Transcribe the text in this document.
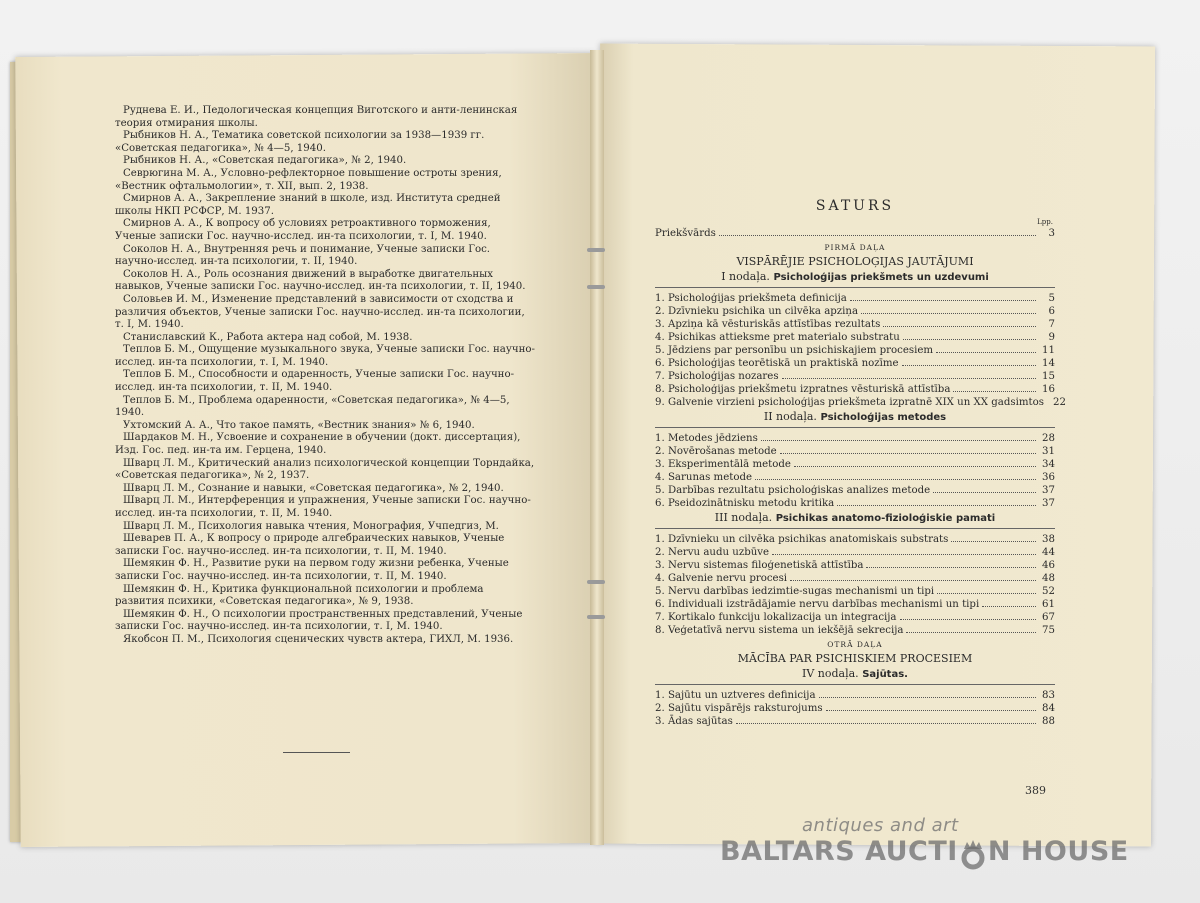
Руднева Е. И., Педологическая концепция Виготского и анти-ленинская теория отмирания школы.
Рыбников Н. А., Тематика советской психологии за 1938—1939 гг. «Советская педагогика», № 4—5, 1940.
Рыбников Н. А., «Советская педагогика», № 2, 1940.
Севрюгина М. А., Условно-рефлекторное повышение остроты зрения, «Вестник офтальмологии», т. XII, вып. 2, 1938.
Смирнов А. А., Закрепление знаний в школе, изд. Института средней школы НКП РСФСР, М. 1937.
Смирнов А. А., К вопросу об условиях ретроактивного торможения, Ученые записки Гос. научно-исслед. ин-та психологии, т. I, М. 1940.
Соколов Н. А., Внутренняя речь и понимание, Ученые записки Гос. научно-исслед. ин-та психологии, т. II, 1940.
Соколов Н. А., Роль осознания движений в выработке двигательных навыков, Ученые записки Гос. научно-исслед. ин-та психологии, т. II, 1940.
Соловьев И. М., Изменение представлений в зависимости от сходства и различия объектов, Ученые записки Гос. научно-исслед. ин-та психологии, т. I, М. 1940.
Станиславский К., Работа актера над собой, М. 1938.
Теплов Б. М., Ощущение музыкального звука, Ученые записки Гос. научно-исслед. ин-та психологии, т. I, М. 1940.
Теплов Б. М., Способности и одаренность, Ученые записки Гос. научно-исслед. ин-та психологии, т. II, М. 1940.
Теплов Б. М., Проблема одаренности, «Советская педагогика», № 4—5, 1940.
Ухтомский А. А., Что такое память, «Вестник знания» № 6, 1940.
Шардаков М. Н., Усвоение и сохранение в обучении (докт. диссертация), Изд. Гос. пед. ин-та им. Герцена, 1940.
Шварц Л. М., Критический анализ психологической концепции Торндайка, «Советская педагогика», № 2, 1937.
Шварц Л. М., Сознание и навыки, «Советская педагогика», № 2, 1940.
Шварц Л. М., Интерференция и упражнения, Ученые записки Гос. научно-исслед. ин-та психологии, т. II, М. 1940.
Шварц Л. М., Психология навыка чтения, Монография, Учпедгиз, М.
Шеварев П. А., К вопросу о природе алгебраических навыков, Ученые записки Гос. научно-исслед. ин-та психологии, т. II, М. 1940.
Шемякин Ф. Н., Развитие руки на первом году жизни ребенка, Ученые записки Гос. научно-исслед. ин-та психологии, т. II, М. 1940.
Шемякин Ф. Н., Критика функциональной психологии и проблема развития психики, «Советская педагогика», № 9, 1938.
Шемякин Ф. Н., О психологии пространственных представлений, Ученые записки Гос. научно-исслед. ин-та психологии, т. I, М. 1940.
Якобсон П. М., Психология сценических чувств актера, ГИХЛ, М. 1936.
SATURS
Lpp.
Priekšvārds	3
PIRMĀ DAĻA
VISPĀRĒJIE PSICHOLOĢIJAS JAUTĀJUMI
I nodaļa. Psicholoģijas priekšmets un uzdevumi
1. Psicholoģijas priekšmeta definicija	5
2. Dzīvnieku psichika un cilvēka apziņa	6
3. Apziņa kā vēsturiskās attīstības rezultats	7
4. Psichikas attieksme pret materialo substratu	9
5. Jēdziens par personību un psichiskajiem procesiem	11
6. Psicholoģijas teorētiskā un praktiskā nozīme	14
7. Psicholoģijas nozares	15
8. Psicholoģijas priekšmetu izpratnes vēsturiskā attīstība	16
9. Galvenie virzieni psicholoģijas priekšmeta izpratnē XIX un XX gadsimtos 22
II nodaļa. Psicholoģijas metodes
1. Metodes jēdziens	28
2. Novērošanas metode	31
3. Eksperimentālā metode	34
4. Sarunas metode	36
5. Darbības rezultatu psicholoģiskas analizes metode	37
6. Pseidozinātnisku metodu kritika	37
III nodaļa. Psichikas anatomo-fizioloģiskie pamati
1. Dzīvnieku un cilvēka psichikas anatomiskais substrats	38
2. Nervu audu uzbūve	44
3. Nervu sistemas filoģenetiskā attīstība	46
4. Galvenie nervu procesi	48
5. Nervu darbības iedzimtie-sugas mechanismi un tipi	52
6. Individuali izstrādājamie nervu darbības mechanismi un tipi	61
7. Kortikalo funkciju lokalizacija un integracija	67
8. Veģetatīvā nervu sistema un iekšējā sekrecija	75
OTRĀ DAĻA
MĀCĪBA PAR PSICHISKIEM PROCESIEM
IV nodaļa. Sajūtas.
1. Sajūtu un uztveres definicija	83
2. Sajūtu vispārējs raksturojums	84
3. Ādas sajūtas	88
389
antiques and art
BALTARS AUCTI N HOUSE
